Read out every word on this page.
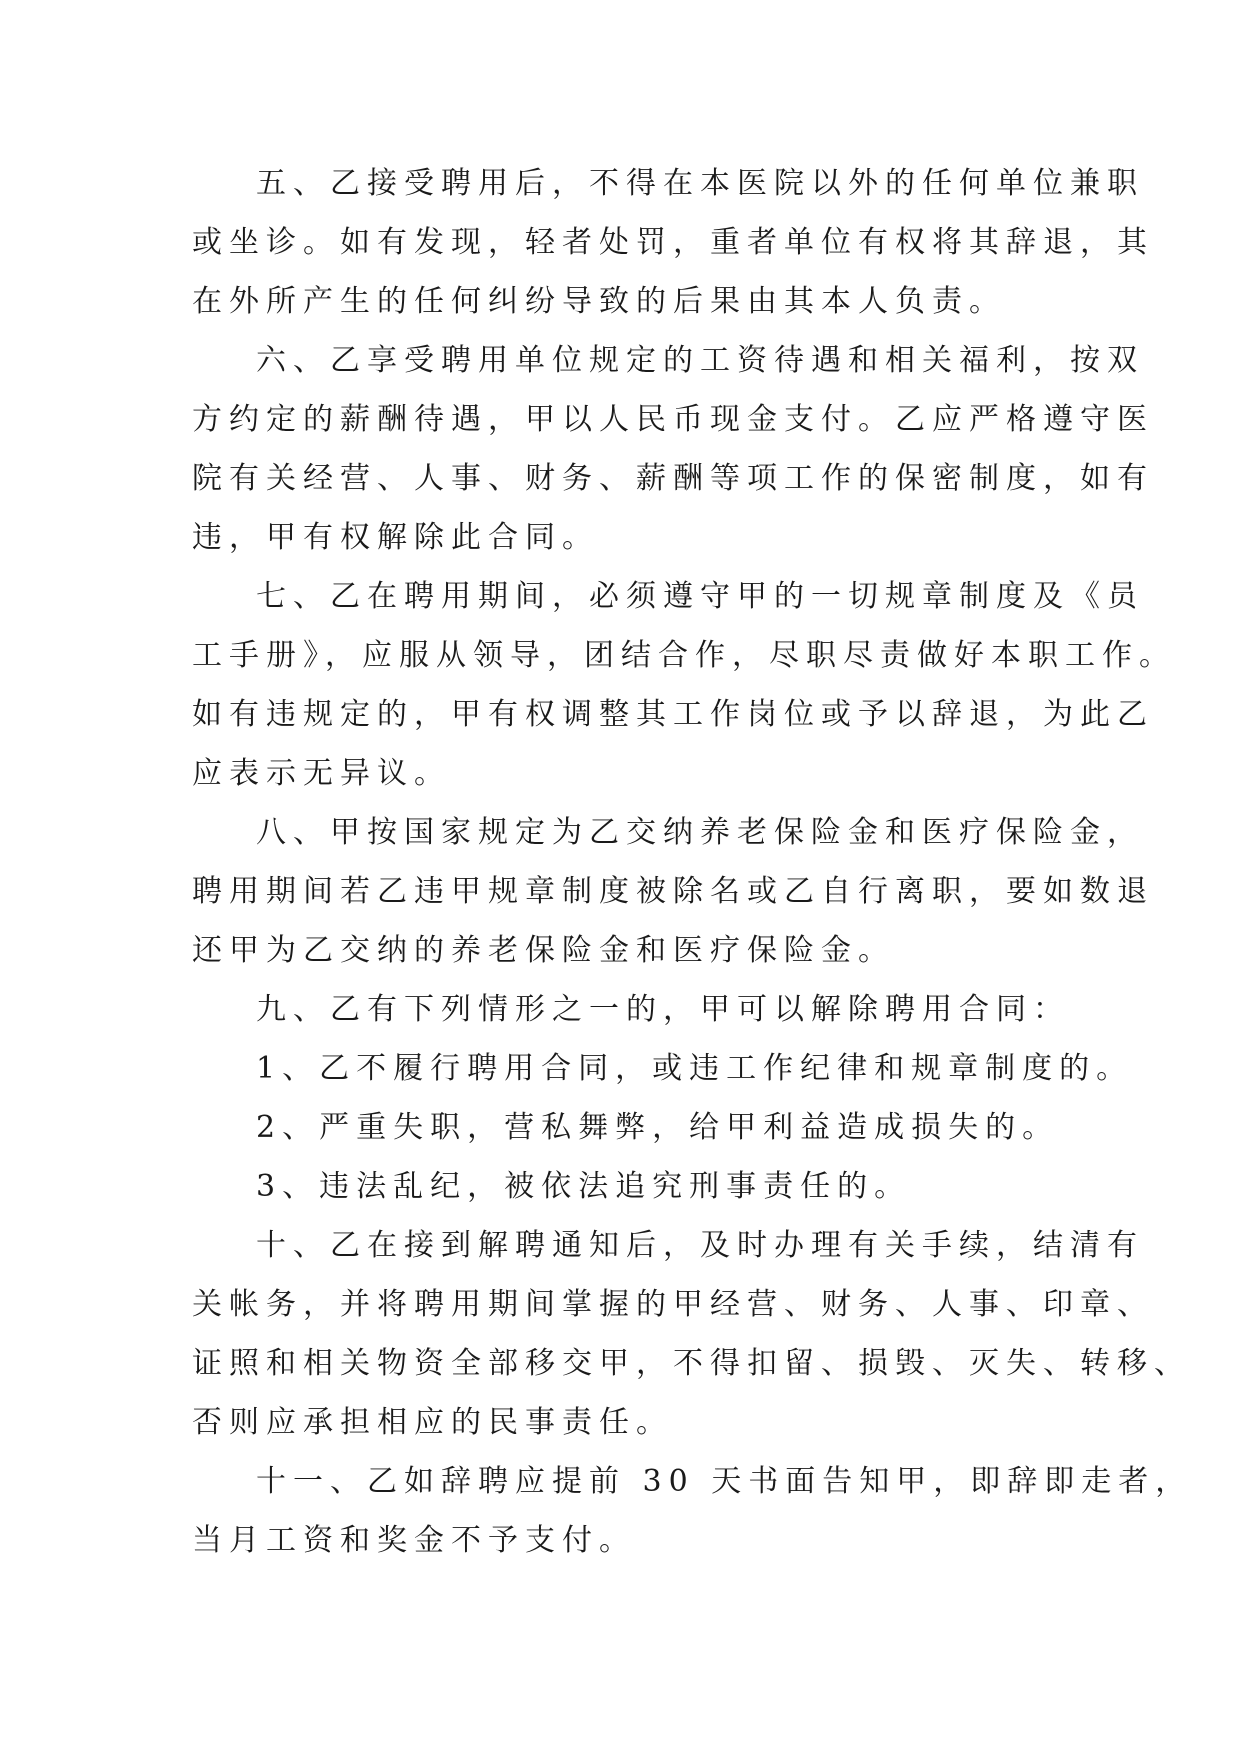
五、乙接受聘用后，不得在本医院以外的任何单位兼职
或坐诊。如有发现，轻者处罚，重者单位有权将其辞退，其
在外所产生的任何纠纷导致的后果由其本人负责。
六、乙享受聘用单位规定的工资待遇和相关福利，按双
方约定的薪酬待遇，甲以人民币现金支付。乙应严格遵守医
院有关经营、人事、财务、薪酬等项工作的保密制度，如有
违，甲有权解除此合同。
七、乙在聘用期间，必须遵守甲的一切规章制度及《员
工手册》，应服从领导，团结合作，尽职尽责做好本职工作。
如有违规定的，甲有权调整其工作岗位或予以辞退，为此乙
应表示无异议。
八、甲按国家规定为乙交纳养老保险金和医疗保险金，
聘用期间若乙违甲规章制度被除名或乙自行离职，要如数退
还甲为乙交纳的养老保险金和医疗保险金。
九、乙有下列情形之一的，甲可以解除聘用合同：
1、乙不履行聘用合同，或违工作纪律和规章制度的。
2、严重失职，营私舞弊，给甲利益造成损失的。
3、违法乱纪，被依法追究刑事责任的。
十、乙在接到解聘通知后，及时办理有关手续，结清有
关帐务，并将聘用期间掌握的甲经营、财务、人事、印章、
证照和相关物资全部移交甲，不得扣留、损毁、灭失、转移、
否则应承担相应的民事责任。
十一、乙如辞聘应提前 30 天书面告知甲，即辞即走者，
当月工资和奖金不予支付。
